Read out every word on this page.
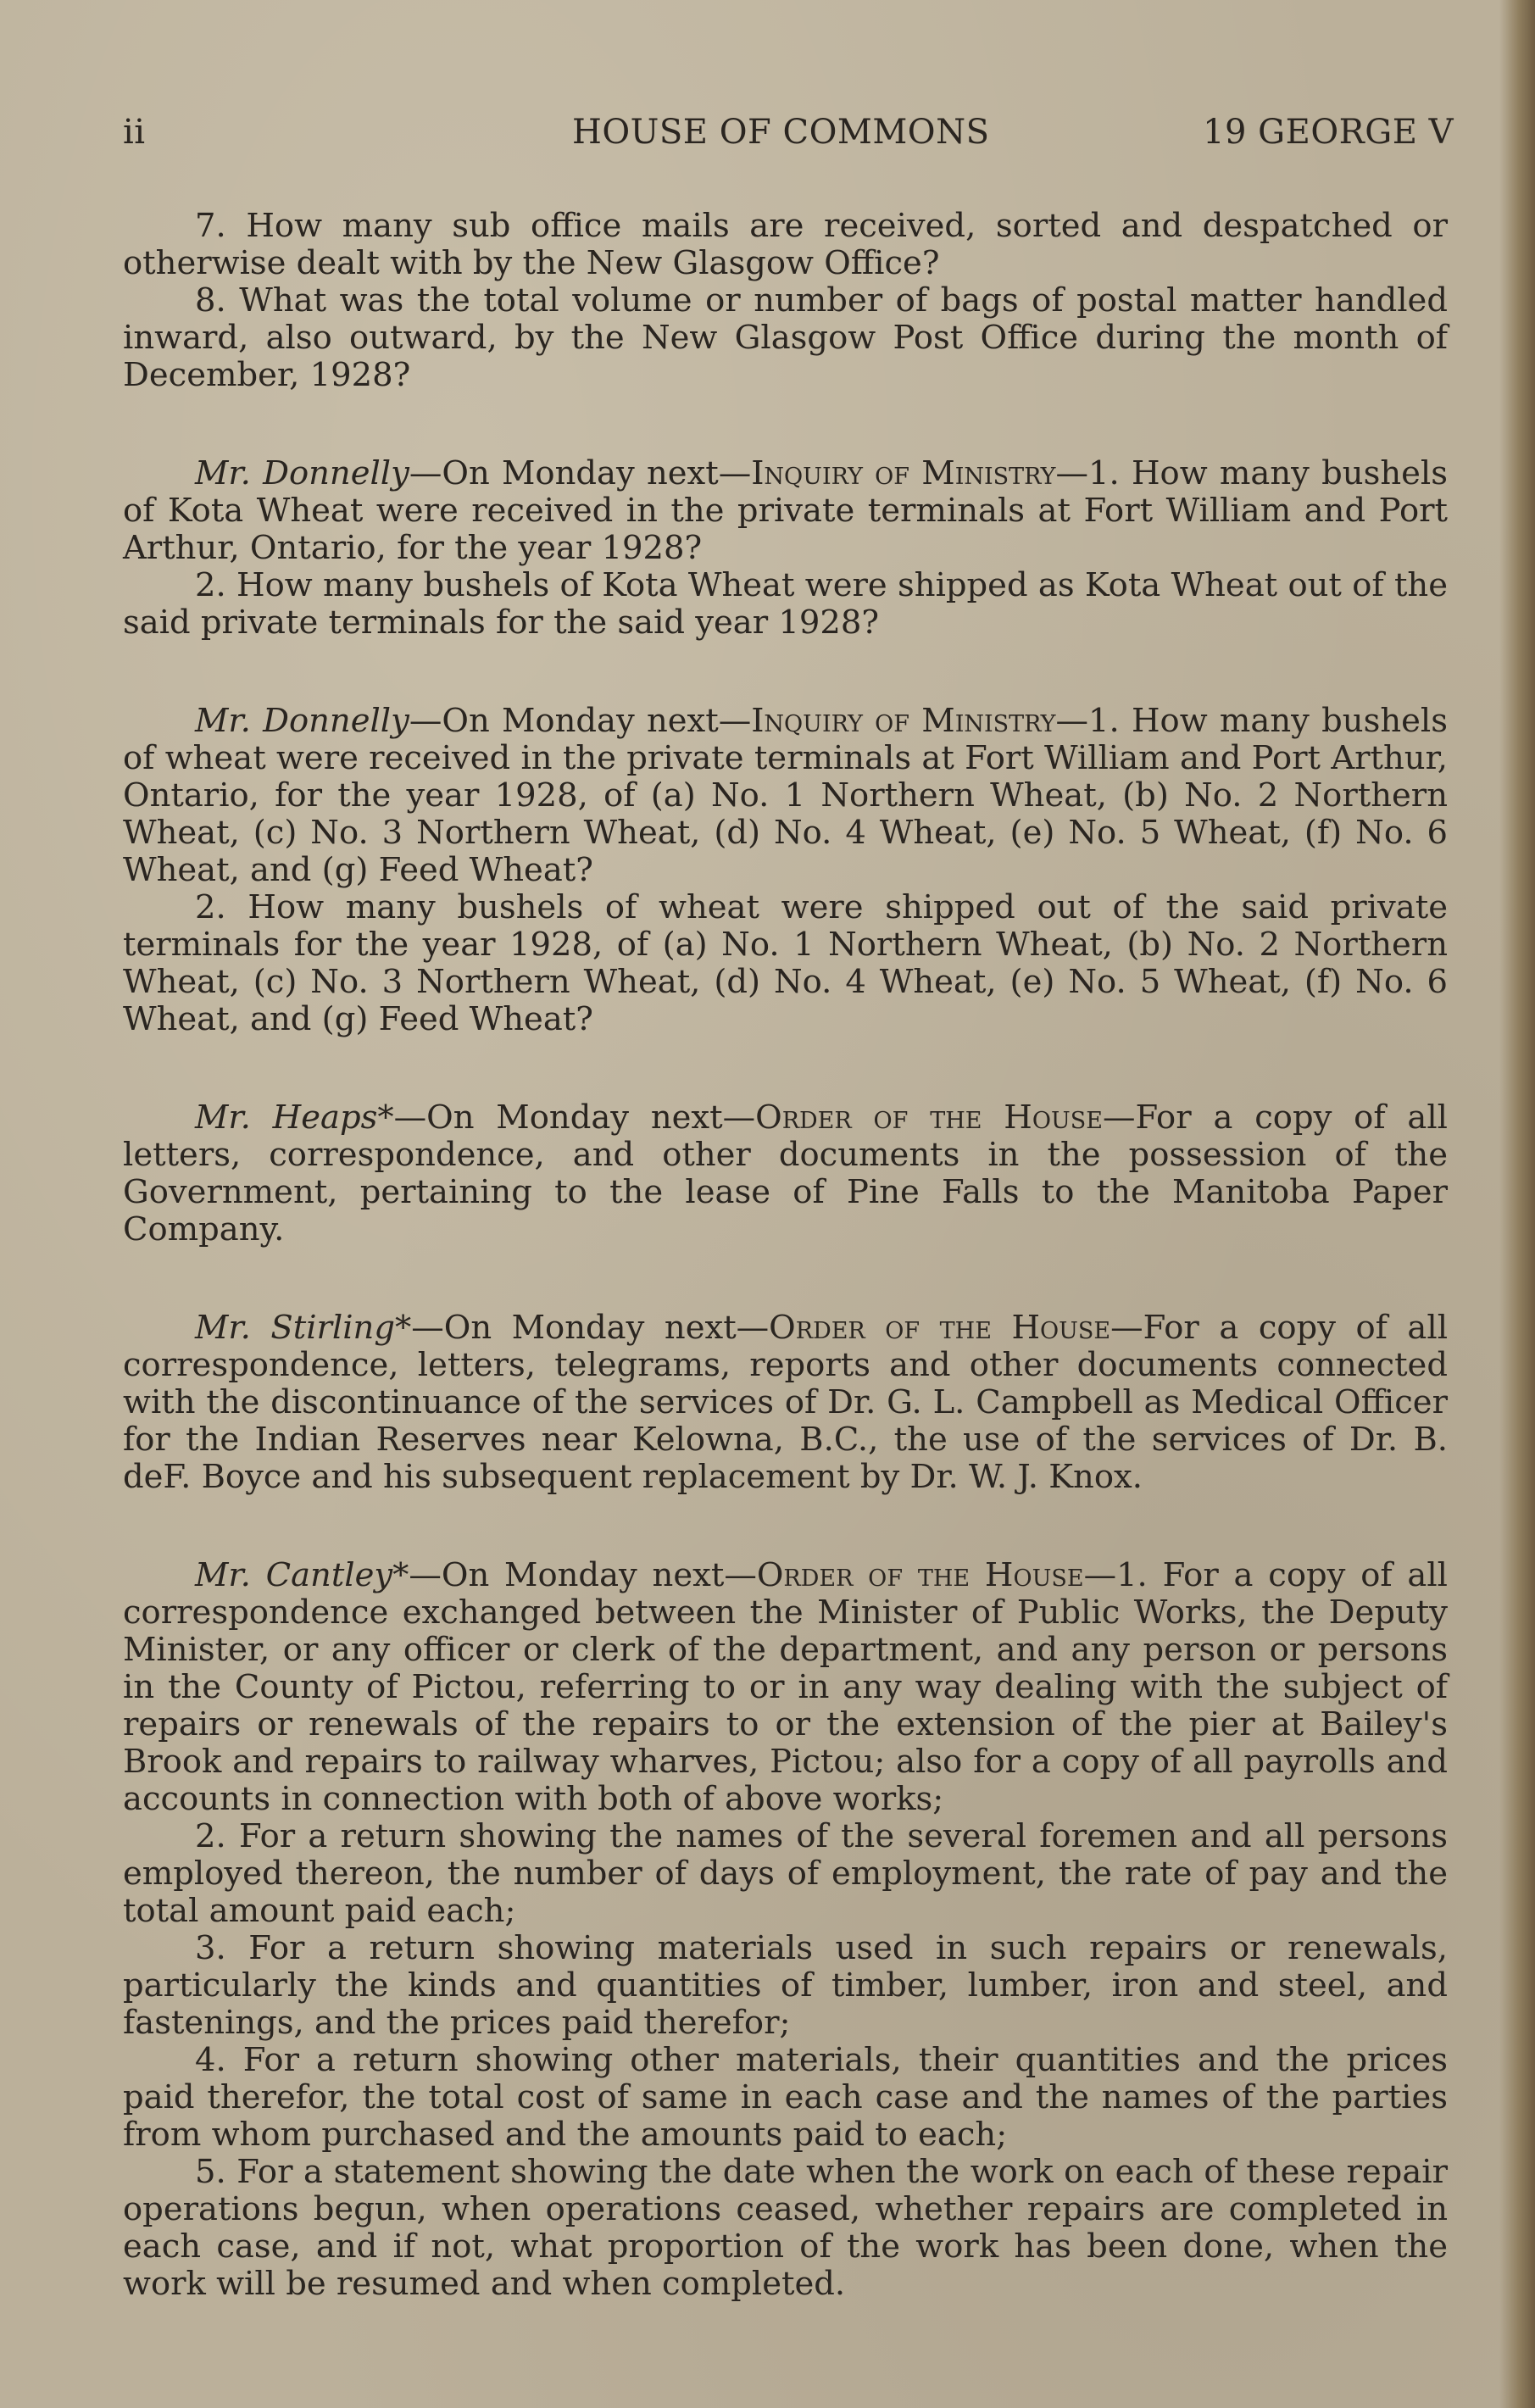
ii	HOUSE OF COMMONS	19 GEORGE V

7. How many sub office mails are received, sorted and despatched or otherwise dealt with by the New Glasgow Office?

8. What was the total volume or number of bags of postal matter handled inward, also outward, by the New Glasgow Post Office during the month of December, 1928?

Mr. Donnelly—On Monday next—Inquiry of Ministry—1. How many bushels of Kota Wheat were received in the private terminals at Fort William and Port Arthur, Ontario, for the year 1928?

2. How many bushels of Kota Wheat were shipped as Kota Wheat out of the said private terminals for the said year 1928?

Mr. Donnelly—On Monday next—Inquiry of Ministry—1. How many bushels of wheat were received in the private terminals at Fort William and Port Arthur, Ontario, for the year 1928, of (a) No. 1 Northern Wheat, (b) No. 2 Northern Wheat, (c) No. 3 Northern Wheat, (d) No. 4 Wheat, (e) No. 5 Wheat, (f) No. 6 Wheat, and (g) Feed Wheat?

2. How many bushels of wheat were shipped out of the said private terminals for the year 1928, of (a) No. 1 Northern Wheat, (b) No. 2 Northern Wheat, (c) No. 3 Northern Wheat, (d) No. 4 Wheat, (e) No. 5 Wheat, (f) No. 6 Wheat, and (g) Feed Wheat?

Mr. Heaps*—On Monday next—Order of the House—For a copy of all letters, correspondence, and other documents in the possession of the Government, pertaining to the lease of Pine Falls to the Manitoba Paper Company.

Mr. Stirling*—On Monday next—Order of the House—For a copy of all correspondence, letters, telegrams, reports and other documents connected with the discontinuance of the services of Dr. G. L. Campbell as Medical Officer for the Indian Reserves near Kelowna, B.C., the use of the services of Dr. B. deF. Boyce and his subsequent replacement by Dr. W. J. Knox.

Mr. Cantley*—On Monday next—Order of the House—1. For a copy of all correspondence exchanged between the Minister of Public Works, the Deputy Minister, or any officer or clerk of the department, and any person or persons in the County of Pictou, referring to or in any way dealing with the subject of repairs or renewals of the repairs to or the extension of the pier at Bailey's Brook and repairs to railway wharves, Pictou; also for a copy of all payrolls and accounts in connection with both of above works;

2. For a return showing the names of the several foremen and all persons employed thereon, the number of days of employment, the rate of pay and the total amount paid each;

3. For a return showing materials used in such repairs or renewals, particularly the kinds and quantities of timber, lumber, iron and steel, and fastenings, and the prices paid therefor;

4. For a return showing other materials, their quantities and the prices paid therefor, the total cost of same in each case and the names of the parties from whom purchased and the amounts paid to each;

5. For a statement showing the date when the work on each of these repair operations begun, when operations ceased, whether repairs are completed in each case, and if not, what proportion of the work has been done, when the work will be resumed and when completed.
